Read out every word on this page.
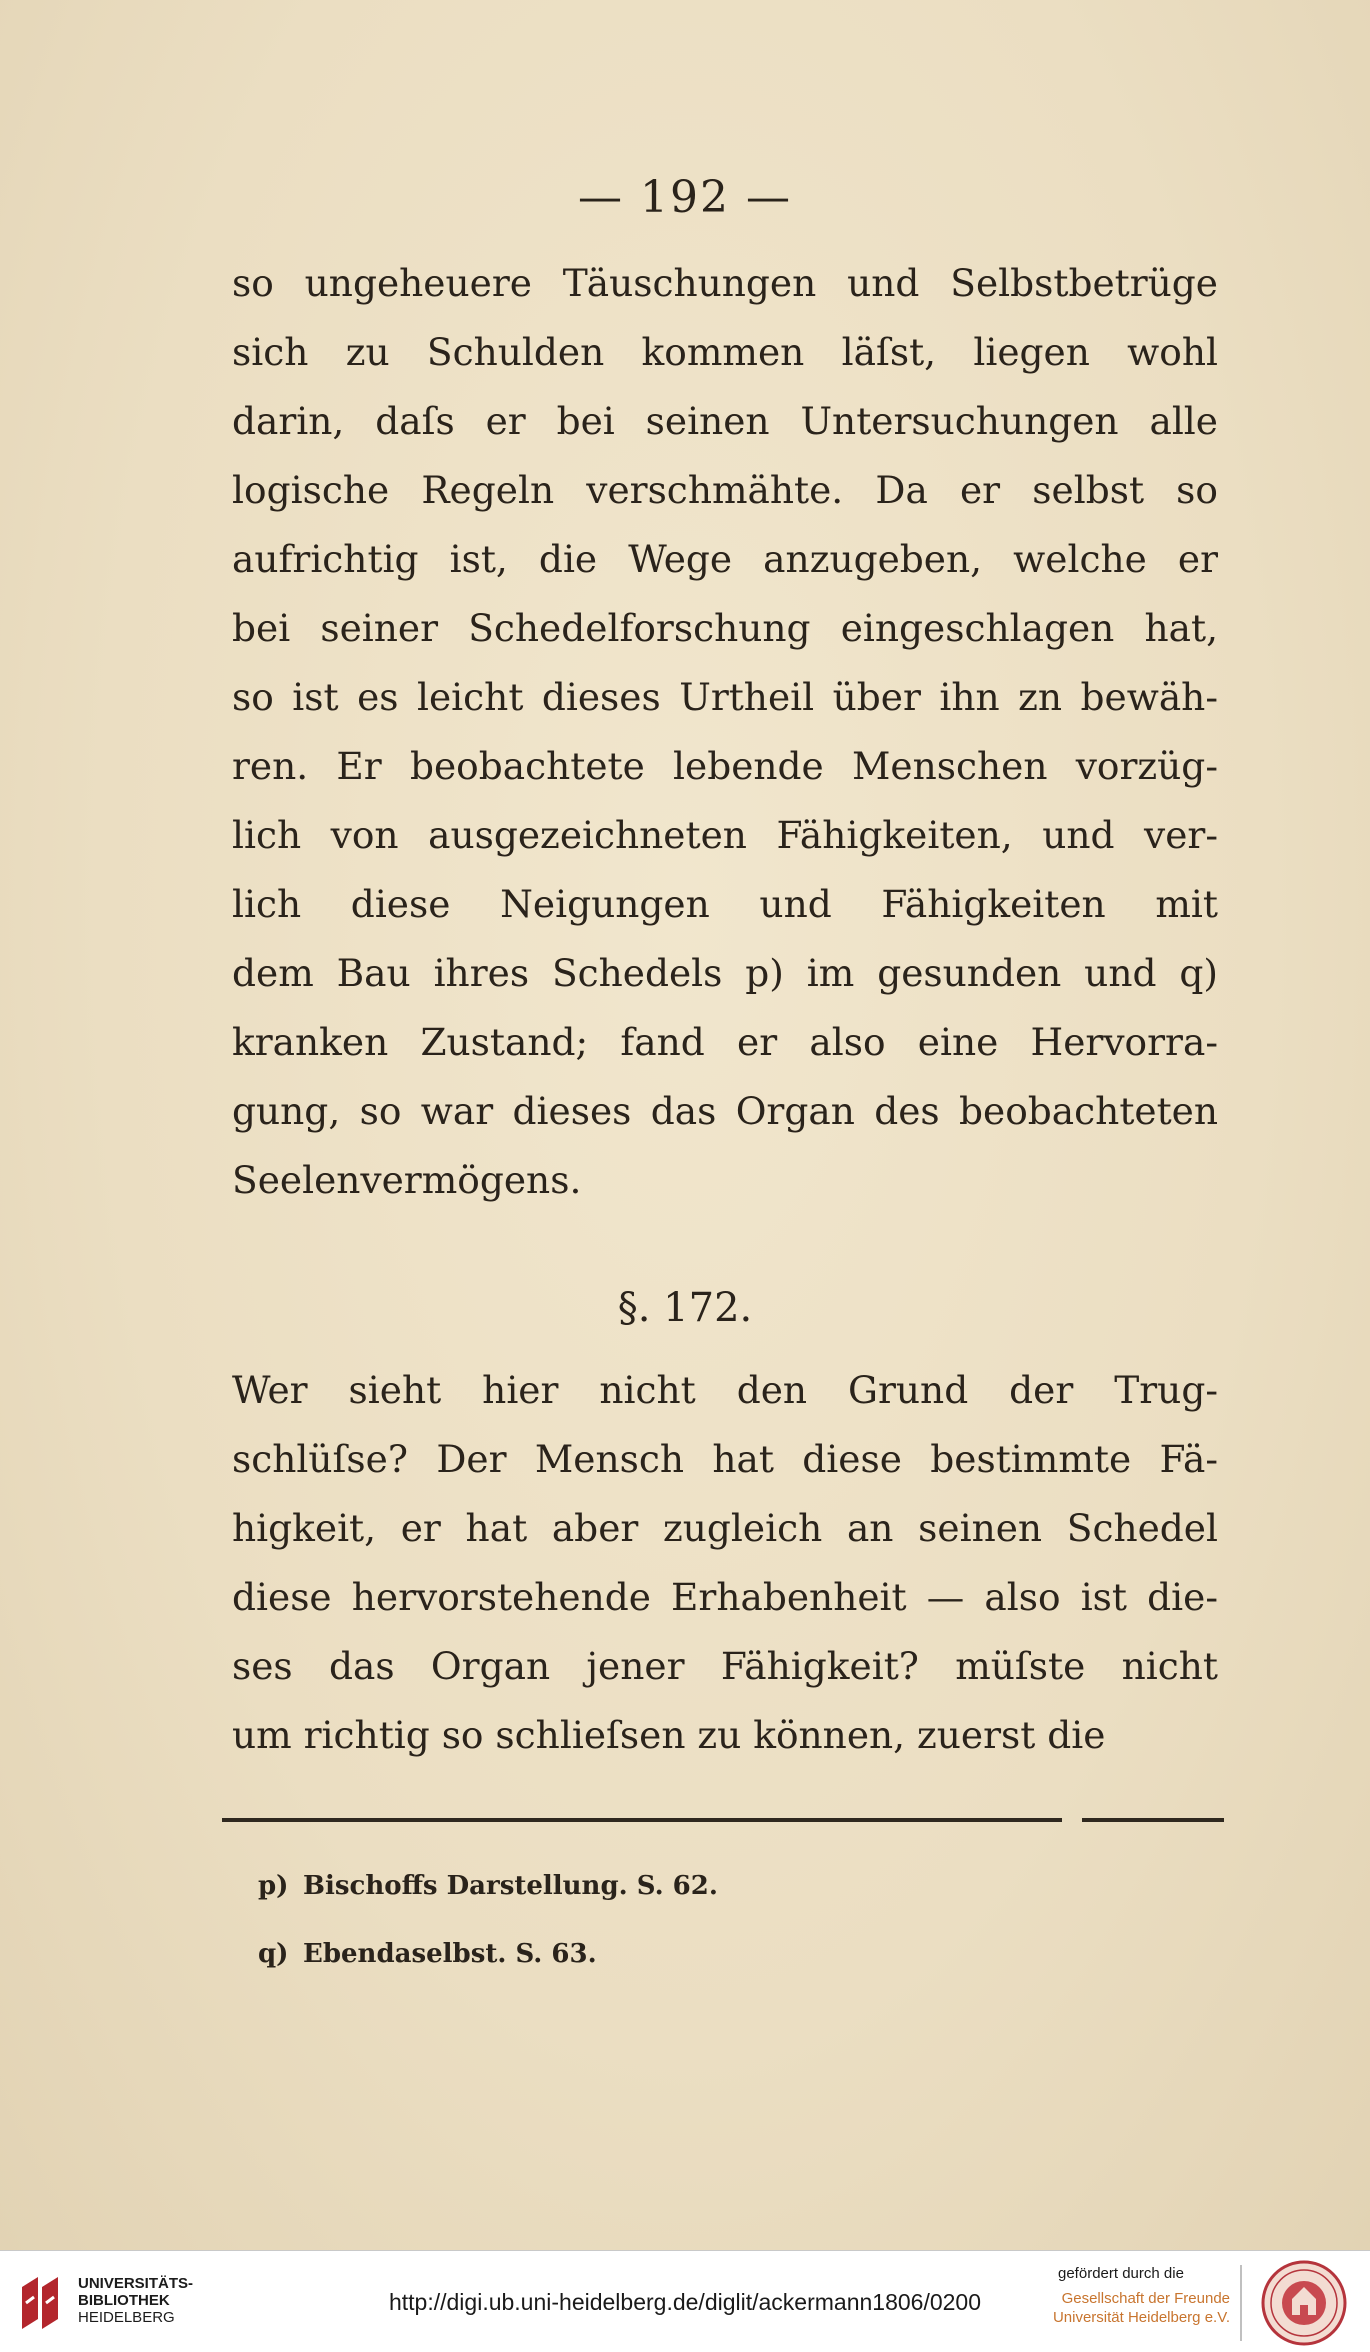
— 192 —
so ungeheuere Täuschungen und Selbstbetrüge
sich zu Schulden kommen läſst, liegen wohl
darin, daſs er bei seinen Untersuchungen alle
logische Regeln verschmähte. Da er selbst so
aufrichtig ist, die Wege anzugeben, welche er
bei seiner Schedelforschung eingeschlagen hat,
so ist es leicht dieses Urtheil über ihn zn bewäh-
ren. Er beobachtete lebende Menschen vorzüg-
lich von ausgezeichneten Fähigkeiten, und ver-
lich diese Neigungen und Fähigkeiten mit
dem Bau ihres Schedels p) im gesunden und q)
kranken Zustand; fand er also eine Hervorra-
gung, so war dieses das Organ des beobachteten
Seelenvermögens.
§. 172.
Wer sieht hier nicht den Grund der Trug-
schlüſse? Der Mensch hat diese bestimmte Fä-
higkeit, er hat aber zugleich an seinen Schedel
diese hervorstehende Erhabenheit — also ist die-
ses das Organ jener Fähigkeit? müſste nicht
um richtig so schlieſsen zu können, zuerst die
p) Bischoffs Darstellung. S. 62.
q) Ebendaselbst. S. 63.
UNIVERSITÄTS-
BIBLIOTHEK
HEIDELBERG
http://digi.ub.uni-heidelberg.de/diglit/ackermann1806/0200
gefördert durch die
Gesellschaft der Freunde
Universität Heidelberg e.V.
